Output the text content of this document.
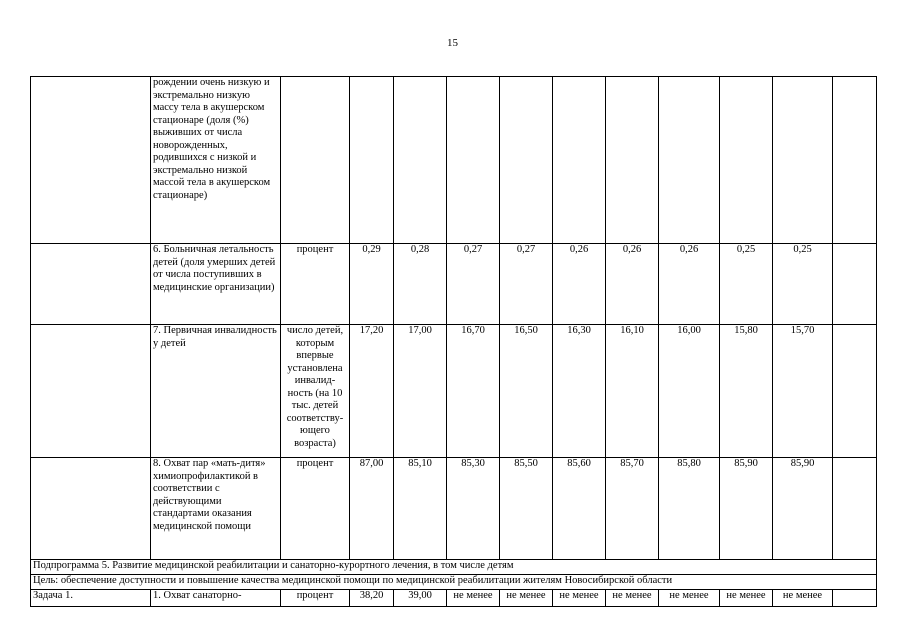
15
	рождении очень низкую и экстремально низкую массу тела в акушерском стационаре (доля (%) выживших от числа новорожденных, родившихся с низкой и экстремально низкой массой тела в акушерском стационаре)											
	6. Больничная летальность детей (доля умерших детей от числа поступивших в медицинские организации)	процент	0,29	0,28	0,27	0,27	0,26	0,26	0,26	0,25	0,25	
	7. Первичная инвалидность у детей	число детей, которым впервые установлена инвалид-ность (на 10 тыс. детей соответству-ющего возраста)	17,20	17,00	16,70	16,50	16,30	16,10	16,00	15,80	15,70	
	8. Охват пар «мать-дитя» химиопрофилактикой в соответствии с действующими стандартами оказания медицинской помощи	процент	87,00	85,10	85,30	85,50	85,60	85,70	85,80	85,90	85,90	
Подпрограмма 5. Развитие медицинской реабилитации и санаторно-курортного лечения, в том числе детям												
Цель: обеспечение доступности и повышение качества медицинской помощи по медицинской реабилитации жителям Новосибирской области												
Задача 1.	1. Охват санаторно-	процент	38,20	39,00	не менее	не менее	не менее	не менее	не менее	не менее	не менее	
